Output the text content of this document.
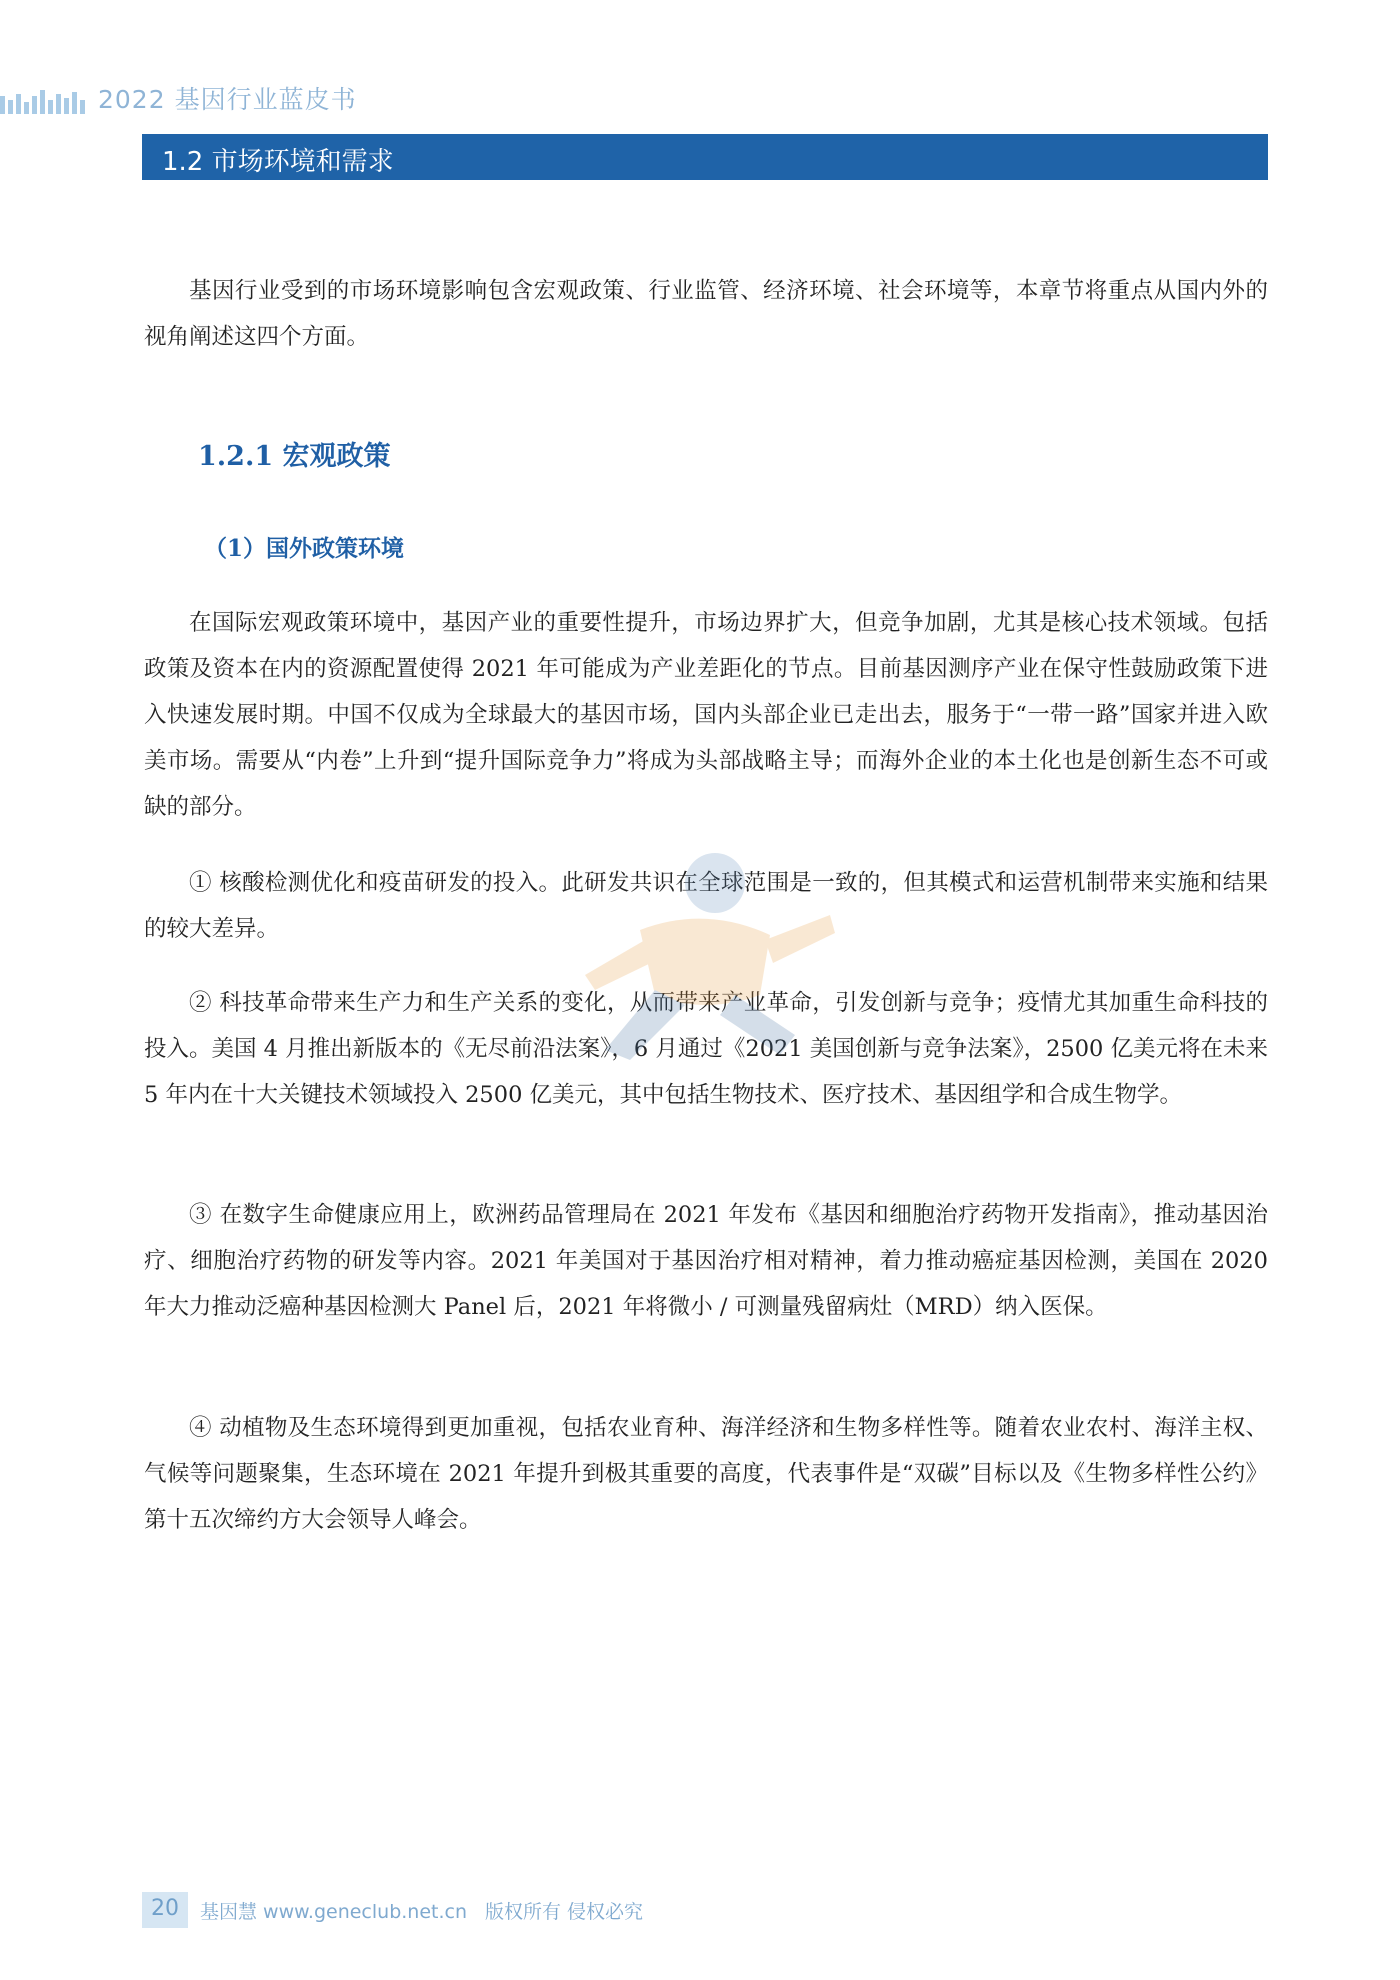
2022 基因行业蓝皮书
1.2 市场环境和需求

基因行业受到的市场环境影响包含宏观政策、行业监管、经济环境、社会环境等，本章节将重点从国内外的视角阐述这四个方面。

1.2.1 宏观政策
（1）国外政策环境

在国际宏观政策环境中，基因产业的重要性提升，市场边界扩大，但竞争加剧，尤其是核心技术领域。包括政策及资本在内的资源配置使得 2021 年可能成为产业差距化的节点。目前基因测序产业在保守性鼓励政策下进入快速发展时期。中国不仅成为全球最大的基因市场，国内头部企业已走出去，服务于“一带一路”国家并进入欧美市场。需要从“内卷”上升到“提升国际竞争力”将成为头部战略主导；而海外企业的本土化也是创新生态不可或缺的部分。

① 核酸检测优化和疫苗研发的投入。此研发共识在全球范围是一致的，但其模式和运营机制带来实施和结果的较大差异。

② 科技革命带来生产力和生产关系的变化，从而带来产业革命，引发创新与竞争；疫情尤其加重生命科技的投入。美国 4 月推出新版本的《无尽前沿法案》，6 月通过《2021 美国创新与竞争法案》，2500 亿美元将在未来 5 年内在十大关键技术领域投入 2500 亿美元，其中包括生物技术、医疗技术、基因组学和合成生物学。

③ 在数字生命健康应用上，欧洲药品管理局在 2021 年发布《基因和细胞治疗药物开发指南》，推动基因治疗、细胞治疗药物的研发等内容。2021 年美国对于基因治疗相对精神，着力推动癌症基因检测，美国在 2020 年大力推动泛癌种基因检测大 Panel 后，2021 年将微小 / 可测量残留病灶（MRD）纳入医保。

④ 动植物及生态环境得到更加重视，包括农业育种、海洋经济和生物多样性等。随着农业农村、海洋主权、气候等问题聚集，生态环境在 2021 年提升到极其重要的高度，代表事件是“双碳”目标以及《生物多样性公约》第十五次缔约方大会领导人峰会。

20	基因慧 www.geneclub.net.cn 版权所有 侵权必究
